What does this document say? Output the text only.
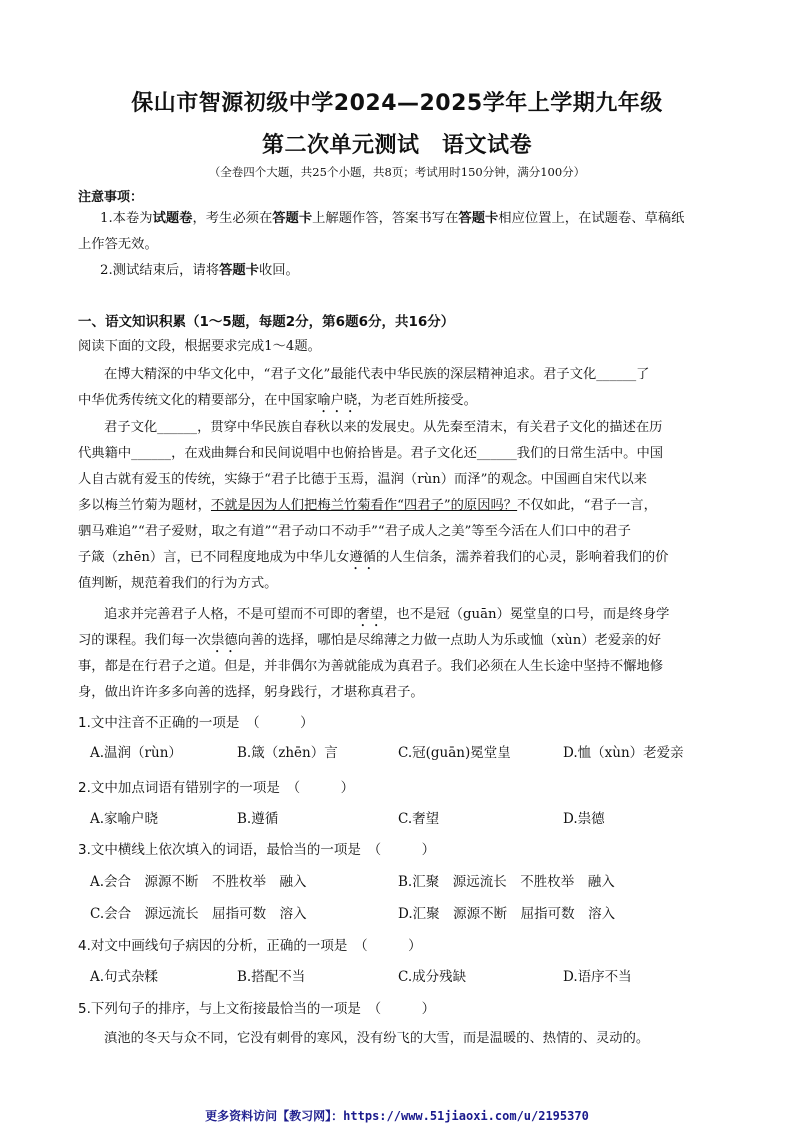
保山市智源初级中学2024—2025学年上学期九年级
第二次单元测试　语文试卷
（全卷四个大题，共25个小题，共8页；考试用时150分钟，满分100分）
注意事项：
1.本卷为试题卷，考生必须在答题卡上解题作答，答案书写在答题卡相应位置上，在试题卷、草稿纸
上作答无效。
2.测试结束后，请将答题卡收回。
一、语文知识积累（1～5题，每题2分，第6题6分，共16分）
阅读下面的文段，根据要求完成1～4题。
在博大精深的中华文化中，“君子文化”最能代表中华民族的深层精神追求。君子文化______了
中华优秀传统文化的精要部分，在中国家喻户晓，为老百姓所接受。
君子文化______，贯穿中华民族自春秋以来的发展史。从先秦至清末，有关君子文化的描述在历
代典籍中______，在戏曲舞台和民间说唱中也俯拾皆是。君子文化还______我们的日常生活中。中国
人自古就有爱玉的传统，实綠于“君子比德于玉焉，温润（rùn）而泽”的观念。中国画自宋代以来
多以梅兰竹菊为题材，不就是因为人们把梅兰竹菊看作“四君子”的原因吗？不仅如此，“君子一言，
驷马难追”“君子爱财，取之有道”“君子动口不动手”“君子成人之美”等至今活在人们口中的君子
子箴（zhēn）言，已不同程度地成为中华儿女遵循的人生信条，濡养着我们的心灵，影响着我们的价
值判断，规范着我们的行为方式。
追求并完善君子人格，不是可望而不可即的奢望，也不是冠（guān）冕堂皇的口号，而是终身学
习的课程。我们每一次祟德向善的选择，哪怕是尽绵薄之力做一点助人为乐或恤（xùn）老爱亲的好
事，都是在行君子之道。但是，并非偶尔为善就能成为真君子。我们必须在人生长途中坚持不懈地修
身，做出许许多多向善的选择，躬身践行，才堪称真君子。
1.文中注音不正确的一项是　（　　　）
A.温润（rùn）	B.箴（zhēn）言	C.冠(guān)冕堂皇	D.恤（xùn）老爱亲
2.文中加点词语有错别字的一项是　（　　　）
A.家喻户晓	B.遵循	C.奢望	D.祟德
3.文中横线上依次填入的词语，最恰当的一项是　（　　　）
A.会合　源源不断　不胜枚举　融入	B.汇聚　源远流长　不胜枚举　融入
C.会合　源远流长　屈指可数　溶入	D.汇聚　源源不断　屈指可数　溶入
4.对文中画线句子病因的分析，正确的一项是　（　　　）
A.句式杂糅	B.搭配不当	C.成分残缺	D.语序不当
5.下列句子的排序，与上文衔接最恰当的一项是　（　　　）
滇池的冬天与众不同，它没有刺骨的寒风，没有纷飞的大雪，而是温暖的、热情的、灵动的。
更多资料访问【教习网】：https://www.51jiaoxi.com/u/2195370
